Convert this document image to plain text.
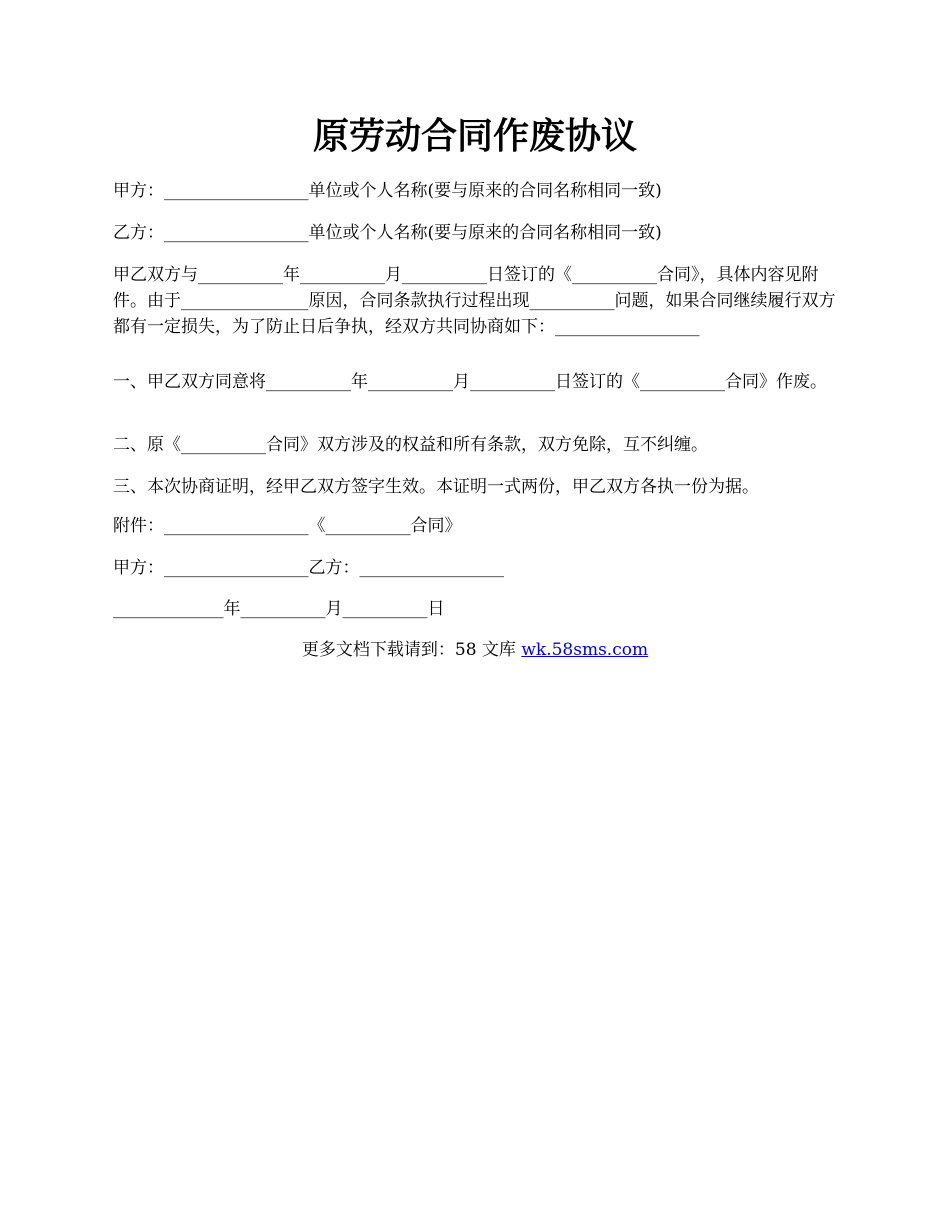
原劳动合同作废协议

甲方：_________________单位或个人名称(要与原来的合同名称相同一致)

乙方：_________________单位或个人名称(要与原来的合同名称相同一致)

甲乙双方与__________年__________月__________日签订的《__________合同》，具体内容见附件。由于_______________原因，合同条款执行过程出现__________问题，如果合同继续履行双方都有一定损失，为了防止日后争执，经双方共同协商如下：_________________

一、甲乙双方同意将__________年__________月__________日签订的《__________合同》作废。

二、原《__________合同》双方涉及的权益和所有条款，双方免除，互不纠缠。

三、本次协商证明，经甲乙双方签字生效。本证明一式两份，甲乙双方各执一份为据。

附件：_________________《__________合同》

甲方：_________________乙方：_________________

_____________年__________月__________日

更多文档下载请到：58 文库 wk.58sms.com
